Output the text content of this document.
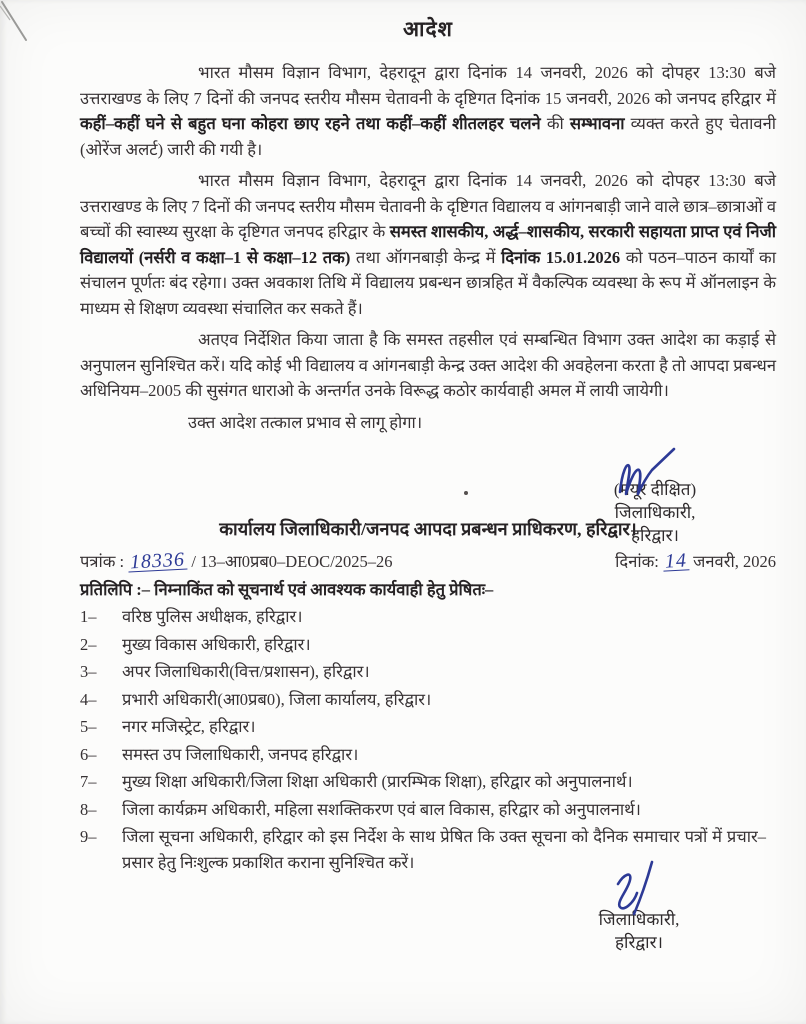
आदेश

भारत मौसम विज्ञान विभाग, देहरादून द्वारा दिनांक 14 जनवरी, 2026 को दोपहर 13:30 बजे उत्तराखण्ड के लिए 7 दिनों की जनपद स्तरीय मौसम चेतावनी के दृष्टिगत दिनांक 15 जनवरी, 2026 को जनपद हरिद्वार में कहीं–कहीं घने से बहुत घना कोहरा छाए रहने तथा कहीं–कहीं शीतलहर चलने की सम्भावना व्यक्त करते हुए चेतावनी (ओरेंज अलर्ट) जारी की गयी है।

भारत मौसम विज्ञान विभाग, देहरादून द्वारा दिनांक 14 जनवरी, 2026 को दोपहर 13:30 बजे उत्तराखण्ड के लिए 7 दिनों की जनपद स्तरीय मौसम चेतावनी के दृष्टिगत विद्यालय व आंगनबाड़ी जाने वाले छात्र–छात्राओं व बच्चों की स्वास्थ्य सुरक्षा के दृष्टिगत जनपद हरिद्वार के समस्त शासकीय, अर्द्ध–शासकीय, सरकारी सहायता प्राप्त एवं निजी विद्यालयों (नर्सरी व कक्षा–1 से कक्षा–12 तक) तथा ऑगनबाड़ी केन्द्र में दिनांक 15.01.2026 को पठन–पाठन कार्यों का संचालन पूर्णतः बंद रहेगा। उक्त अवकाश तिथि में विद्यालय प्रबन्धन छात्रहित में वैकल्पिक व्यवस्था के रूप में ऑनलाइन के माध्यम से शिक्षण व्यवस्था संचालित कर सकते हैं।

अतएव निर्देशित किया जाता है कि समस्त तहसील एवं सम्बन्धित विभाग उक्त आदेश का कड़ाई से अनुपालन सुनिश्चित करें। यदि कोई भी विद्यालय व आंगनबाड़ी केन्द्र उक्त आदेश की अवहेलना करता है तो आपदा प्रबन्धन अधिनियम–2005 की सुसंगत धाराओ के अन्तर्गत उनके विरूद्ध कठोर कार्यवाही अमल में लायी जायेगी।

उक्त आदेश तत्काल प्रभाव से लागू होगा।

कार्यालय जिलाधिकारी/जनपद आपदा प्रबन्धन प्राधिकरण, हरिद्वार।
पत्रांक : 18336 / 13–आ0प्रब0–DEOC/2025–26	दिनांक: 14 जनवरी, 2026
प्रतिलिपि :– निम्नाकिंत को सूचनार्थ एवं आवश्यक कार्यवाही हेतु प्रेषितः–
1–	वरिष्ठ पुलिस अधीक्षक, हरिद्वार।
2–	मुख्य विकास अधिकारी, हरिद्वार।
3–	अपर जिलाधिकारी(वित्त/प्रशासन), हरिद्वार।
4–	प्रभारी अधिकारी(आ0प्रब0), जिला कार्यालय, हरिद्वार।
5–	नगर मजिस्ट्रेट, हरिद्वार।
6–	समस्त उप जिलाधिकारी, जनपद हरिद्वार।
7–	मुख्य शिक्षा अधिकारी/जिला शिक्षा अधिकारी (प्रारम्भिक शिक्षा), हरिद्वार को अनुपालनार्थ।
8–	जिला कार्यक्रम अधिकारी, महिला सशक्तिकरण एवं बाल विकास, हरिद्वार को अनुपालनार्थ।
9–	जिला सूचना अधिकारी, हरिद्वार को इस निर्देश के साथ प्रेषित कि उक्त सूचना को दैनिक समाचार पत्रों में प्रचार–प्रसार हेतु निःशुल्क प्रकाशित कराना सुनिश्चित करें।
(मयूर दीक्षित)
जिलाधिकारी,
हरिद्वार।
जिलाधिकारी,
हरिद्वार।
